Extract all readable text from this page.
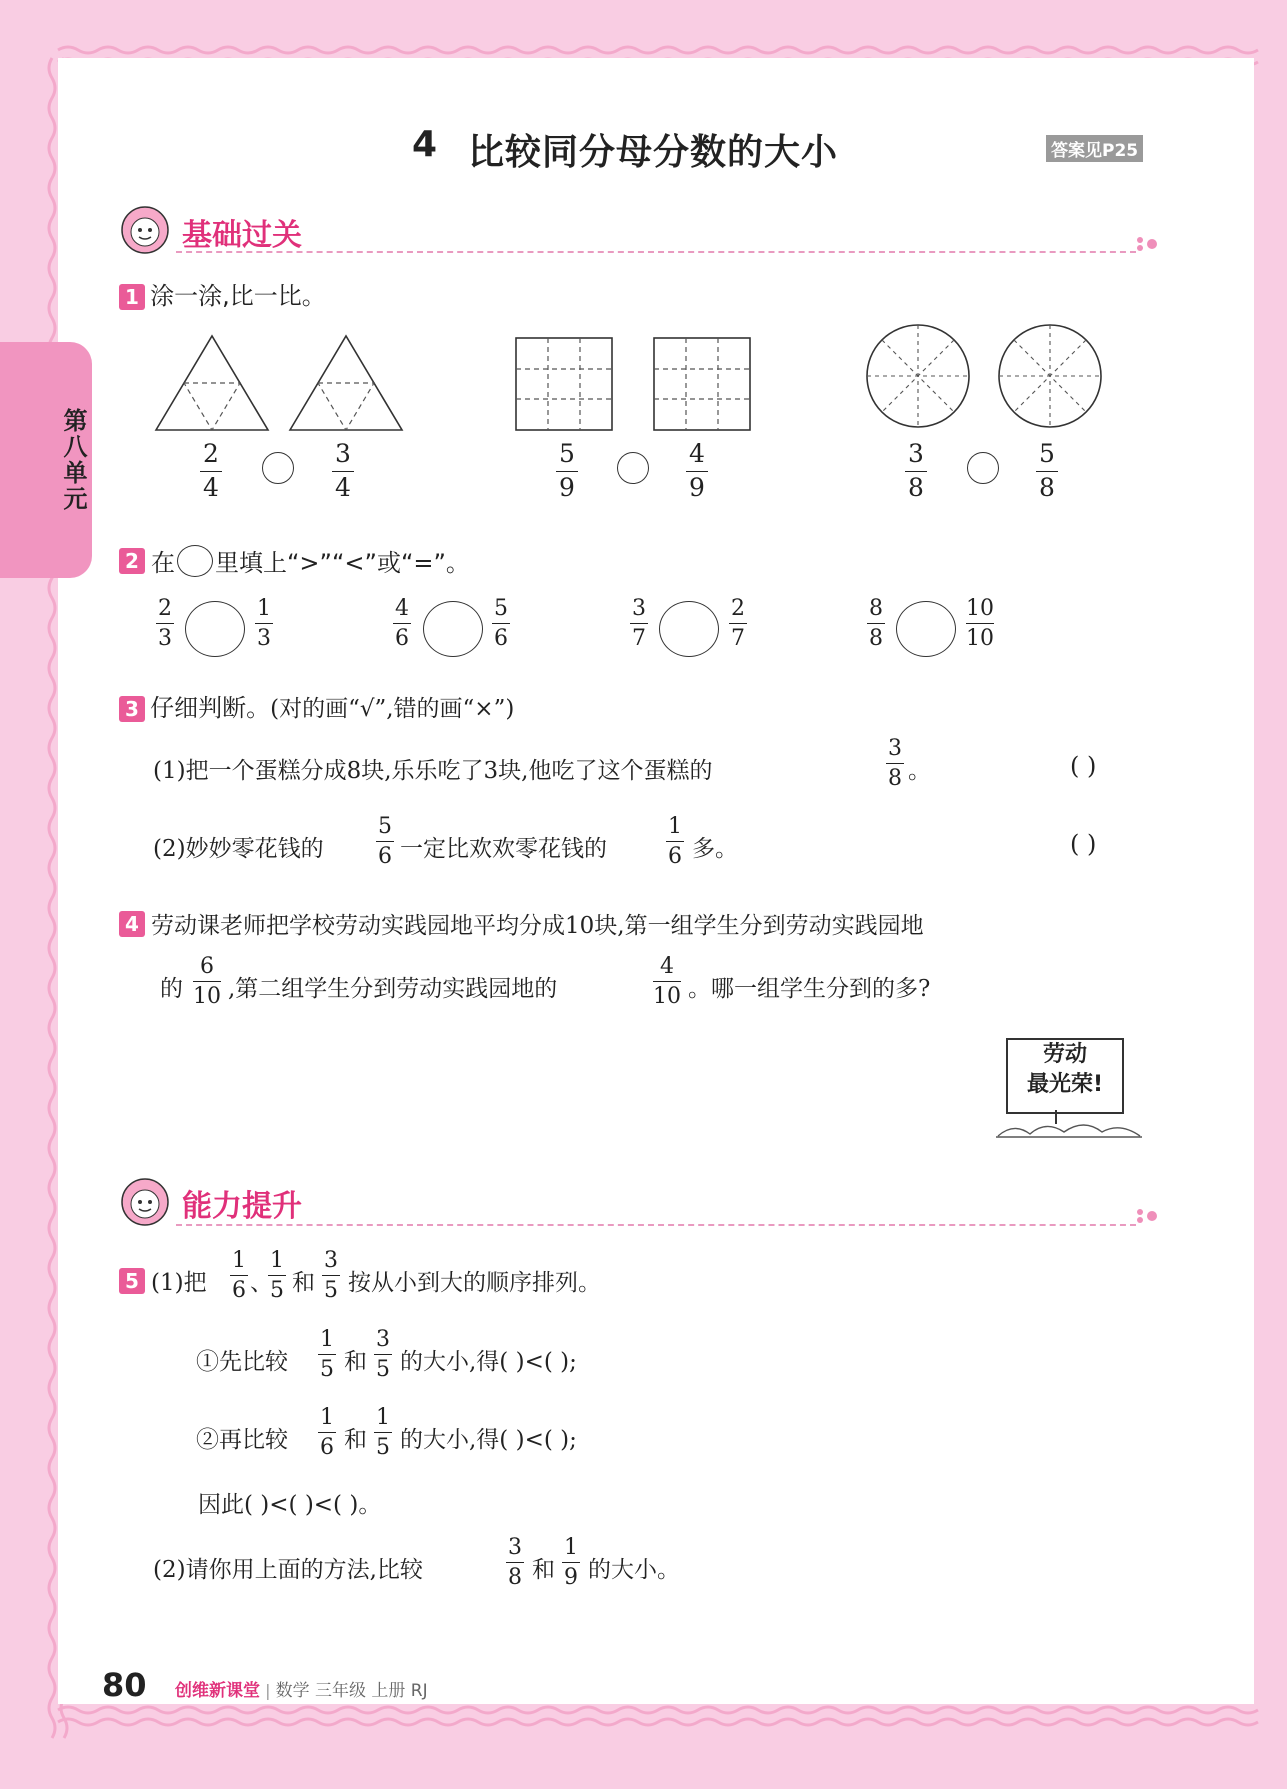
第八单元
4 比较同分母分数的大小	答案见P25
基础过关
1 涂一涂,比一比。
2
4
3
4
5
9
4
9
3
8
5
8
2 在 里填上“>”“<”或“=”。
2
3
1
3
4
6
5
6
3
7
2
7
8
8
10
10
3 仔细判断。(对的画“√”,错的画“×”)
(1)把一个蛋糕分成8块,乐乐吃了3块,他吃了这个蛋糕的
3
8 。	( )
(2)妙妙零花钱的
5
6 一定比欢欢零花钱的
1
6 多。	( )
4 劳动课老师把学校劳动实践园地平均分成10块,第一组学生分到劳动实践园地
的
6
10 ,第二组学生分到劳动实践园地的
4
10 。哪一组学生分到的多?
劳动
最光荣!
能力提升
5 (1)把
1
6 、
1
5 和
3
5 按从小到大的顺序排列。
①先比较
1
5 和
3
5 的大小,得( )<( );
②再比较
1
6 和
1
5 的大小,得( )<( );
因此( )<( )<( )。
(2)请你用上面的方法,比较
3
8 和
1
9 的大小。
80 创维新课堂 | 数学 三年级 上册 RJ
